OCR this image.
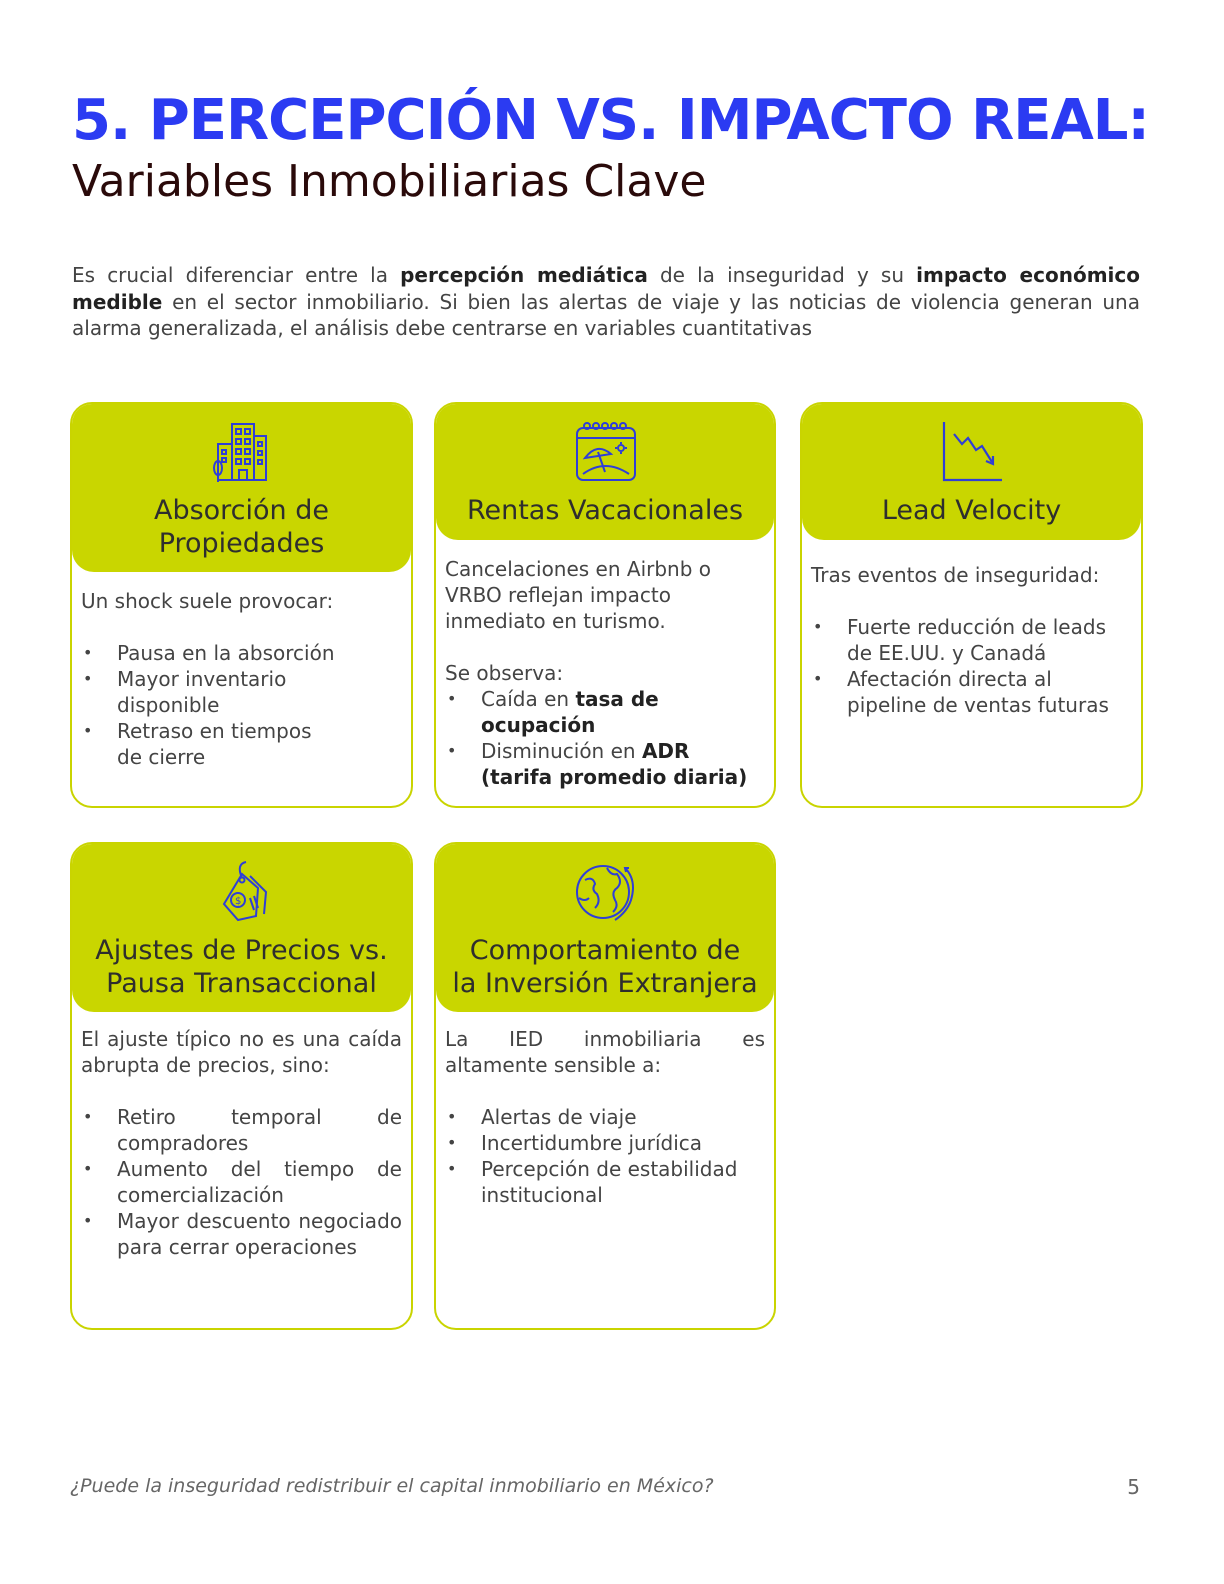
5. PERCEPCIÓN VS. IMPACTO REAL:
Variables Inmobiliarias Clave

Es crucial diferenciar entre la percepción mediática de la inseguridad y su impacto económico medible en el sector inmobiliario. Si bien las alertas de viaje y las noticias de violencia generan una alarma generalizada, el análisis debe centrarse en variables cuantitativas

Absorción de
Propiedades

Un shock suele provocar:

• Pausa en la absorción
• Mayor inventario disponible
• Retraso en tiempos de cierre
Rentas Vacacionales

Cancelaciones en Airbnb o VRBO reflejan impacto inmediato en turismo.

Se observa:

• Caída en tasa de ocupación
• Disminución en ADR (tarifa promedio diaria)
Lead Velocity

Tras eventos de inseguridad:

• Fuerte reducción de leads de EE.UU. y Canadá
• Afectación directa al pipeline de ventas futuras
$
Ajustes de Precios vs.
Pausa Transaccional

El ajuste típico no es una caída abrupta de precios, sino:

• Retiro temporal de compradores
• Aumento del tiempo de comercialización
• Mayor descuento negociado para cerrar operaciones
Comportamiento de
la Inversión Extranjera

La IED inmobiliaria es altamente sensible a:

• Alertas de viaje
• Incertidumbre jurídica
• Percepción de estabilidad institucional
¿Puede la inseguridad redistribuir el capital inmobiliario en México?	5
